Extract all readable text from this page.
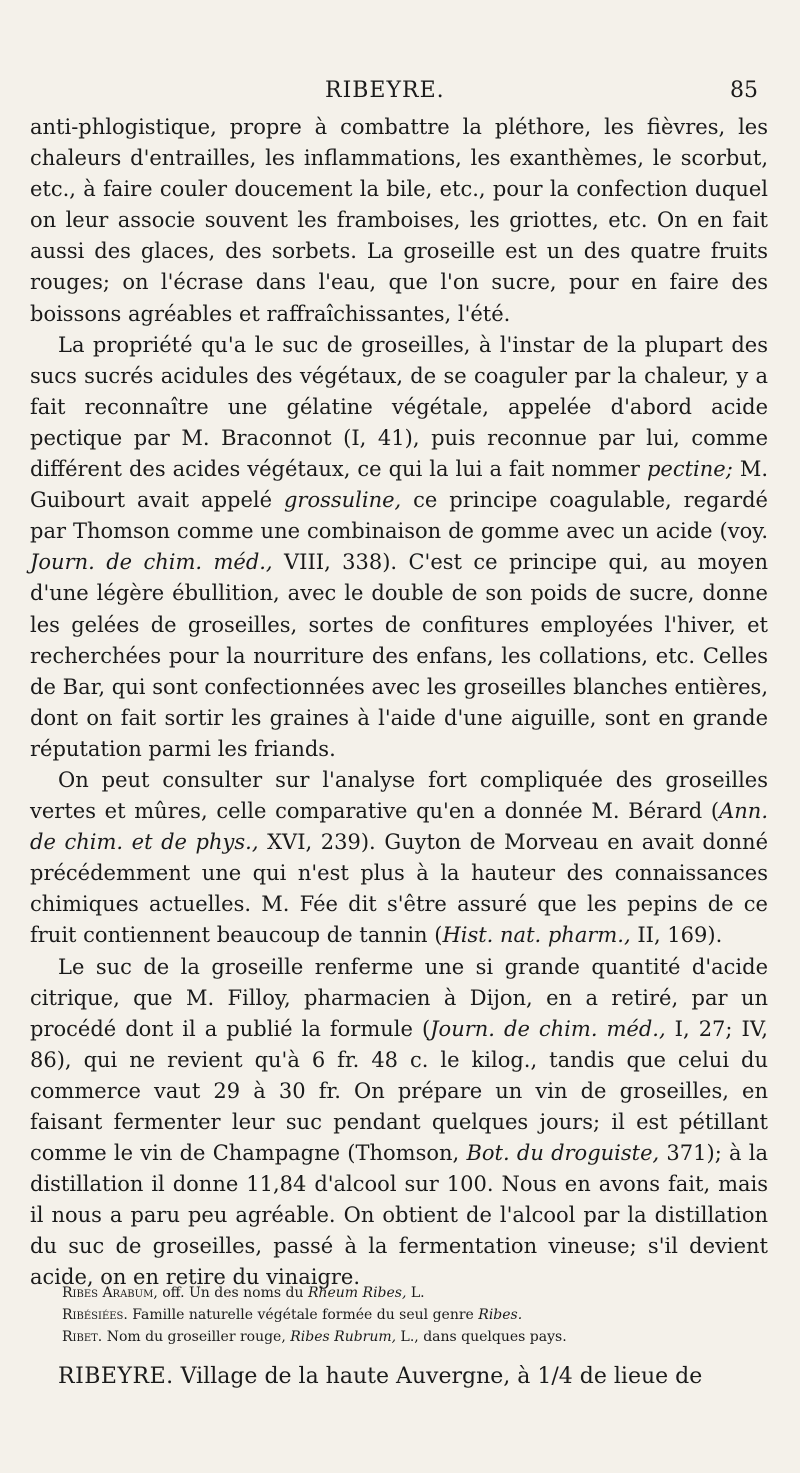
RIBEYRE.	85

anti-phlogistique, propre à combattre la pléthore, les fièvres, les chaleurs d'entrailles, les inflammations, les exanthèmes, le scorbut, etc., à faire couler doucement la bile, etc., pour la confection duquel on leur associe souvent les framboises, les griottes, etc. On en fait aussi des glaces, des sorbets. La groseille est un des quatre fruits rouges; on l'écrase dans l'eau, que l'on sucre, pour en faire des boissons agréables et raffraîchissantes, l'été.

La propriété qu'a le suc de groseilles, à l'instar de la plupart des sucs sucrés acidules des végétaux, de se coaguler par la chaleur, y a fait reconnaître une gélatine végétale, appelée d'abord acide pectique par M. Braconnot (I, 41), puis reconnue par lui, comme différent des acides végétaux, ce qui la lui a fait nommer pectine; M. Guibourt avait appelé grossuline, ce principe coagulable, regardé par Thomson comme une combinaison de gomme avec un acide (voy. Journ. de chim. méd., VIII, 338). C'est ce principe qui, au moyen d'une légère ébullition, avec le double de son poids de sucre, donne les gelées de groseilles, sortes de confitures employées l'hiver, et recherchées pour la nourriture des enfans, les collations, etc. Celles de Bar, qui sont confectionnées avec les groseilles blanches entières, dont on fait sortir les graines à l'aide d'une aiguille, sont en grande réputation parmi les friands.

On peut consulter sur l'analyse fort compliquée des groseilles vertes et mûres, celle comparative qu'en a donnée M. Bérard (Ann. de chim. et de phys., XVI, 239). Guyton de Morveau en avait donné précédemment une qui n'est plus à la hauteur des connaissances chimiques actuelles. M. Fée dit s'être assuré que les pepins de ce fruit contiennent beaucoup de tannin (Hist. nat. pharm., II, 169).

Le suc de la groseille renferme une si grande quantité d'acide citrique, que M. Filloy, pharmacien à Dijon, en a retiré, par un procédé dont il a publié la formule (Journ. de chim. méd., I, 27; IV, 86), qui ne revient qu'à 6 fr. 48 c. le kilog., tandis que celui du commerce vaut 29 à 30 fr. On prépare un vin de groseilles, en faisant fermenter leur suc pendant quelques jours; il est pétillant comme le vin de Champagne (Thomson, Bot. du droguiste, 371); à la distillation il donne 11,84 d'alcool sur 100. Nous en avons fait, mais il nous a paru peu agréable. On obtient de l'alcool par la distillation du suc de groseilles, passé à la fermentation vineuse; s'il devient acide, on en retire du vinaigre.

Ribes Arabum, off. Un des noms du Rheum Ribes, L.

Ribésiées. Famille naturelle végétale formée du seul genre Ribes.

Ribet. Nom du groseiller rouge, Ribes Rubrum, L., dans quelques pays.

RIBEYRE. Village de la haute Auvergne, à 1/4 de lieue de
